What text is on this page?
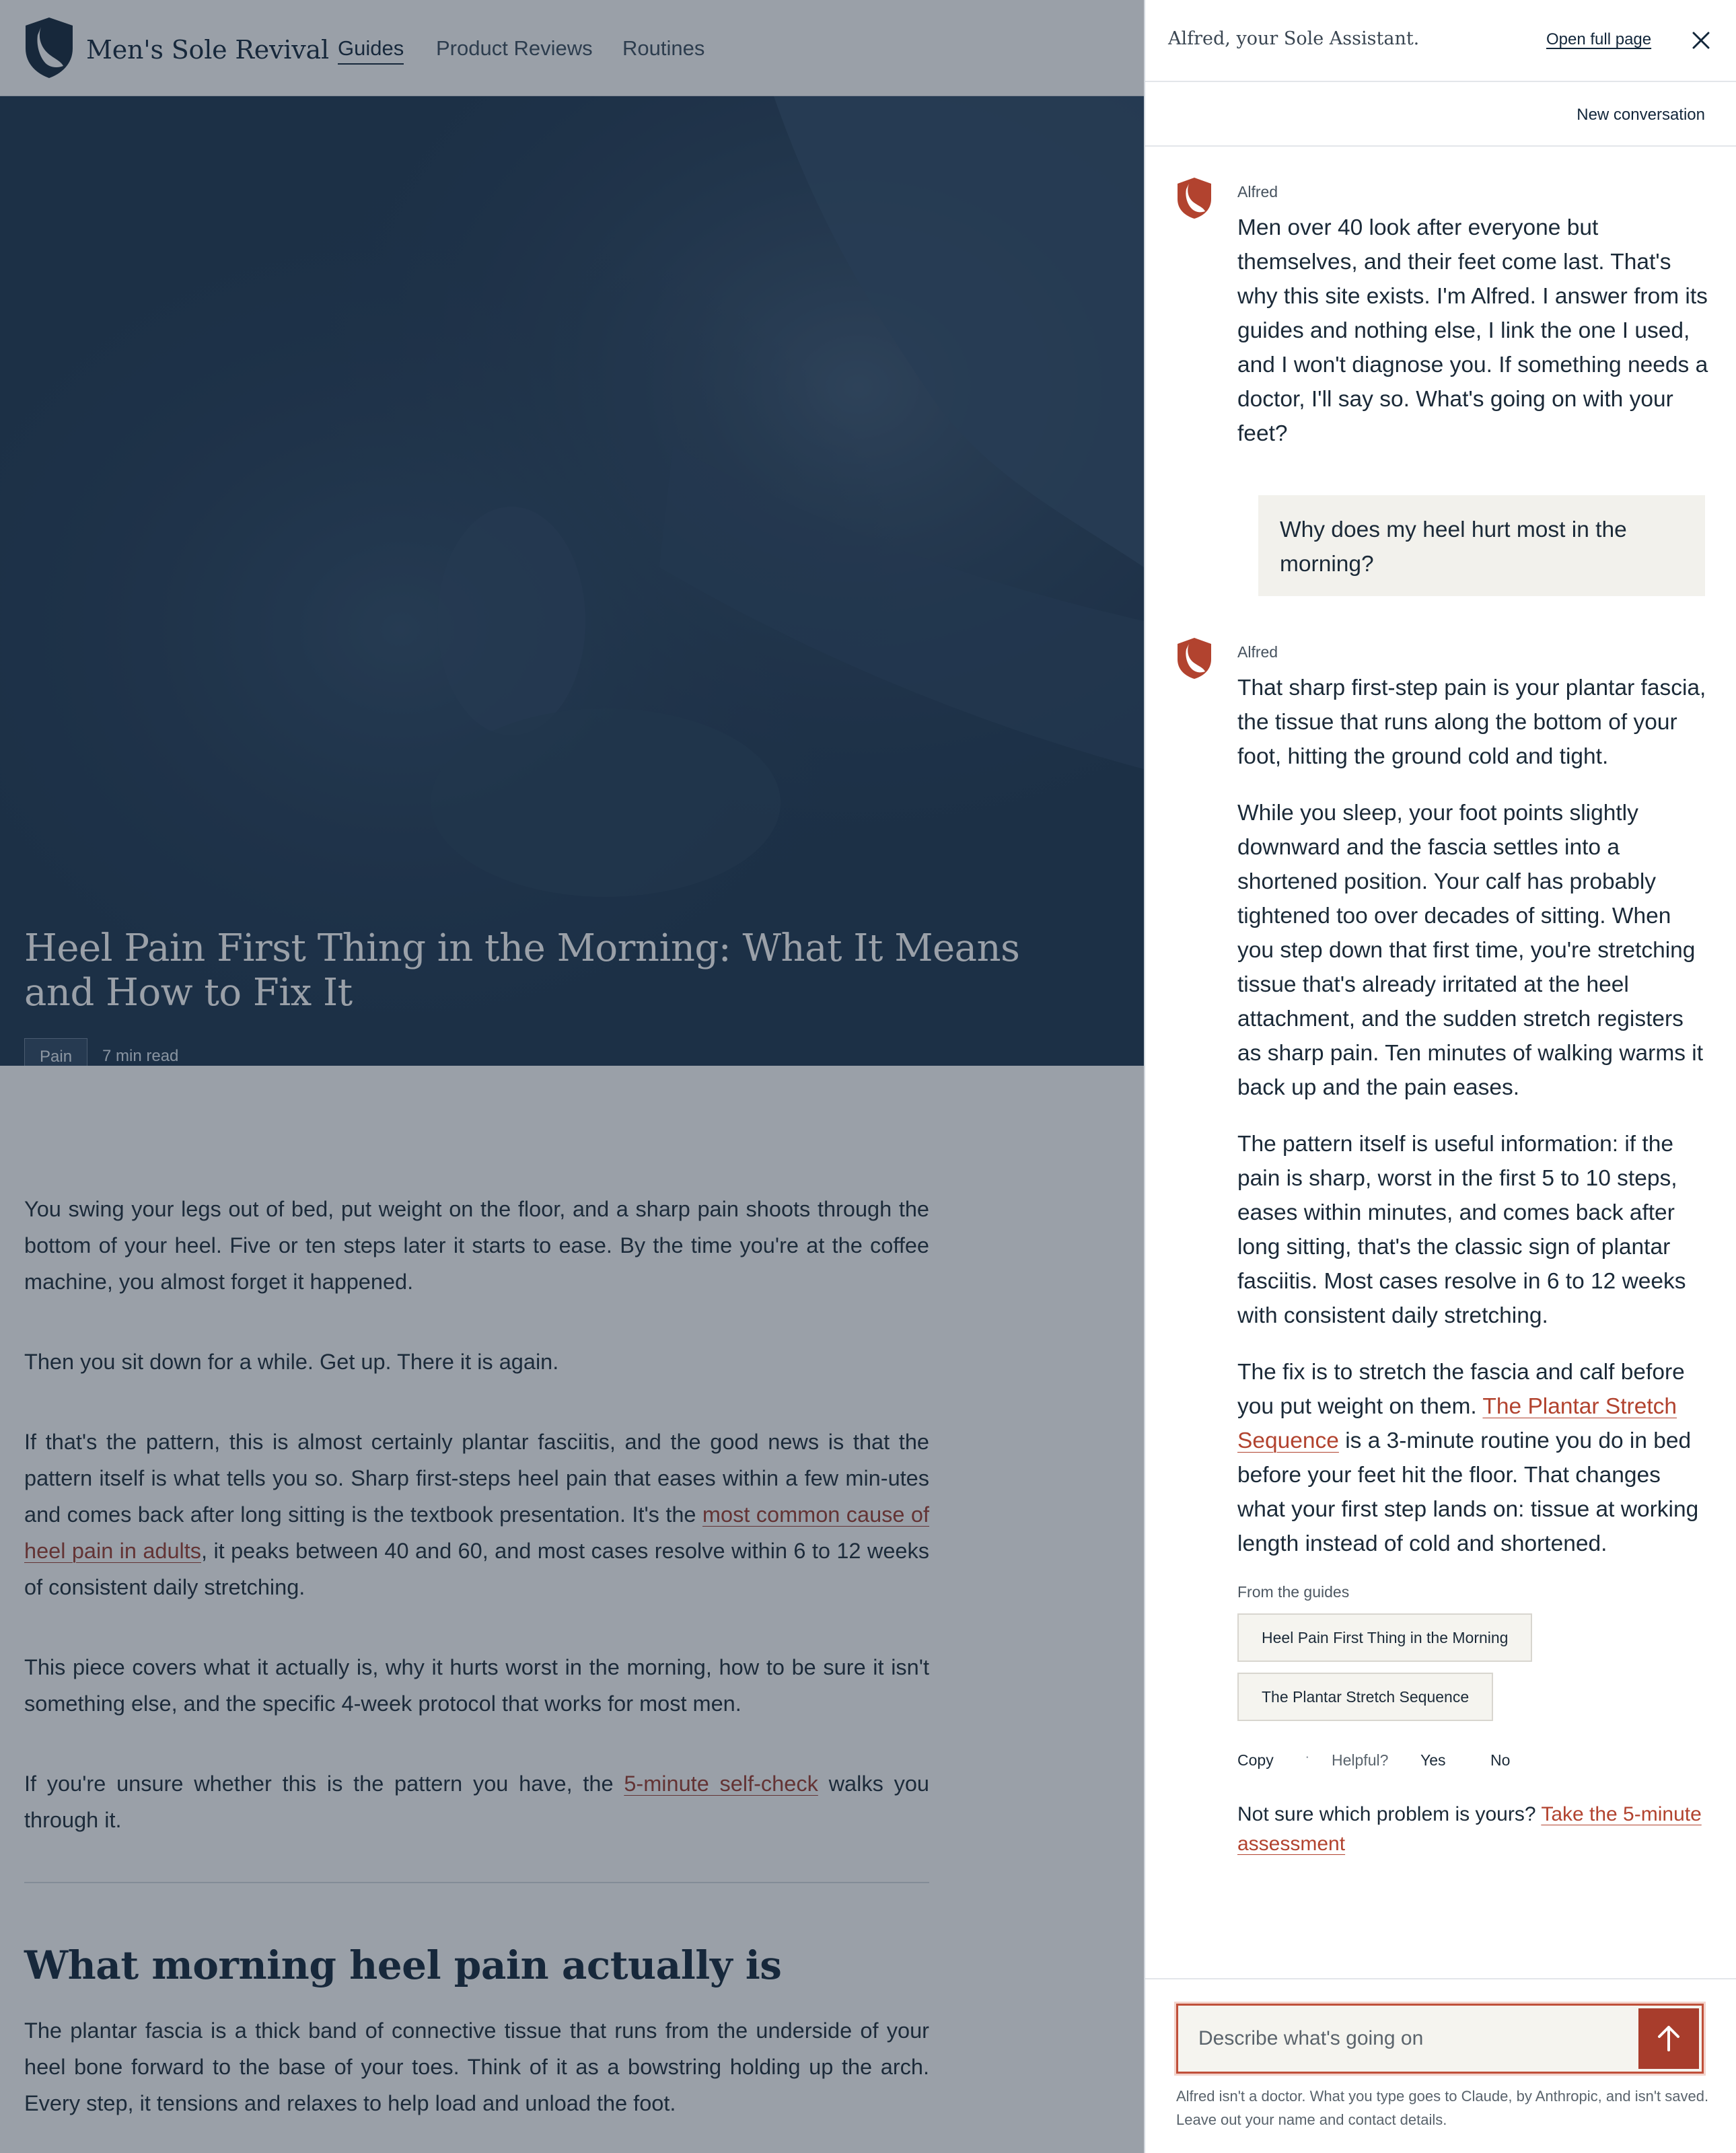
Men's Sole Revival Guides Product Reviews Routines
Heel Pain First Thing in the Morning: What It Means and How to Fix It
Pain	7 min read

You swing your legs out of bed, put weight on the floor, and a sharp pain shoots through the bottom of your heel. Five or ten steps later it starts to ease. By the time you're at the coffee machine, you almost forget it happened.

Then you sit down for a while. Get up. There it is again.

If that's the pattern, this is almost certainly plantar fasciitis, and the good news is that the pattern itself is what tells you so. Sharp first-steps heel pain that eases within a few min-utes and comes back after long sitting is the textbook presentation. It's the most common cause of heel pain in adults, it peaks between 40 and 60, and most cases resolve within 6 to 12 weeks of consistent daily stretching.

This piece covers what it actually is, why it hurts worst in the morning, how to be sure it isn't something else, and the specific 4-week protocol that works for most men.

If you're unsure whether this is the pattern you have, the 5-minute self-check walks you through it.

What morning heel pain actually is

The plantar fascia is a thick band of connective tissue that runs from the underside of your heel bone forward to the base of your toes. Think of it as a bowstring holding up the arch. Every step, it tensions and relaxes to help load and unload the foot.

Alfred, your Sole Assistant.	Open full page
New conversation
Alfred
Men over 40 look after everyone but themselves, and their feet come last. That's why this site exists. I'm Alfred. I answer from its guides and nothing else, I link the one I used, and I won't diagnose you. If something needs a doctor, I'll say so. What's going on with your feet?
Why does my heel hurt most in the morning?
Alfred

That sharp first-step pain is your plantar fascia, the tissue that runs along the bottom of your foot, hitting the ground cold and tight.

While you sleep, your foot points slightly downward and the fascia settles into a shortened position. Your calf has probably tightened too over decades of sitting. When you step down that first time, you're stretching tissue that's already irritated at the heel attachment, and the sudden stretch registers as sharp pain. Ten minutes of walking warms it back up and the pain eases.

The pattern itself is useful information: if the pain is sharp, worst in the first 5 to 10 steps, eases within minutes, and comes back after long sitting, that's the classic sign of plantar fasciitis. Most cases resolve in 6 to 12 weeks with consistent daily stretching.

The fix is to stretch the fascia and calf before you put weight on them. The Plantar Stretch Sequence is a 3-minute routine you do in bed before your feet hit the floor. That changes what your first step lands on: tissue at working length instead of cold and shortened.

From the guides
Heel Pain First Thing in the Morning
The Plantar Stretch Sequence
Copy · Helpful? Yes	No
Not sure which problem is yours? Take the 5-minute assessment
Describe what's going on
Alfred isn't a doctor. What you type goes to Claude, by Anthropic, and isn't saved. Leave out your name and contact details.
